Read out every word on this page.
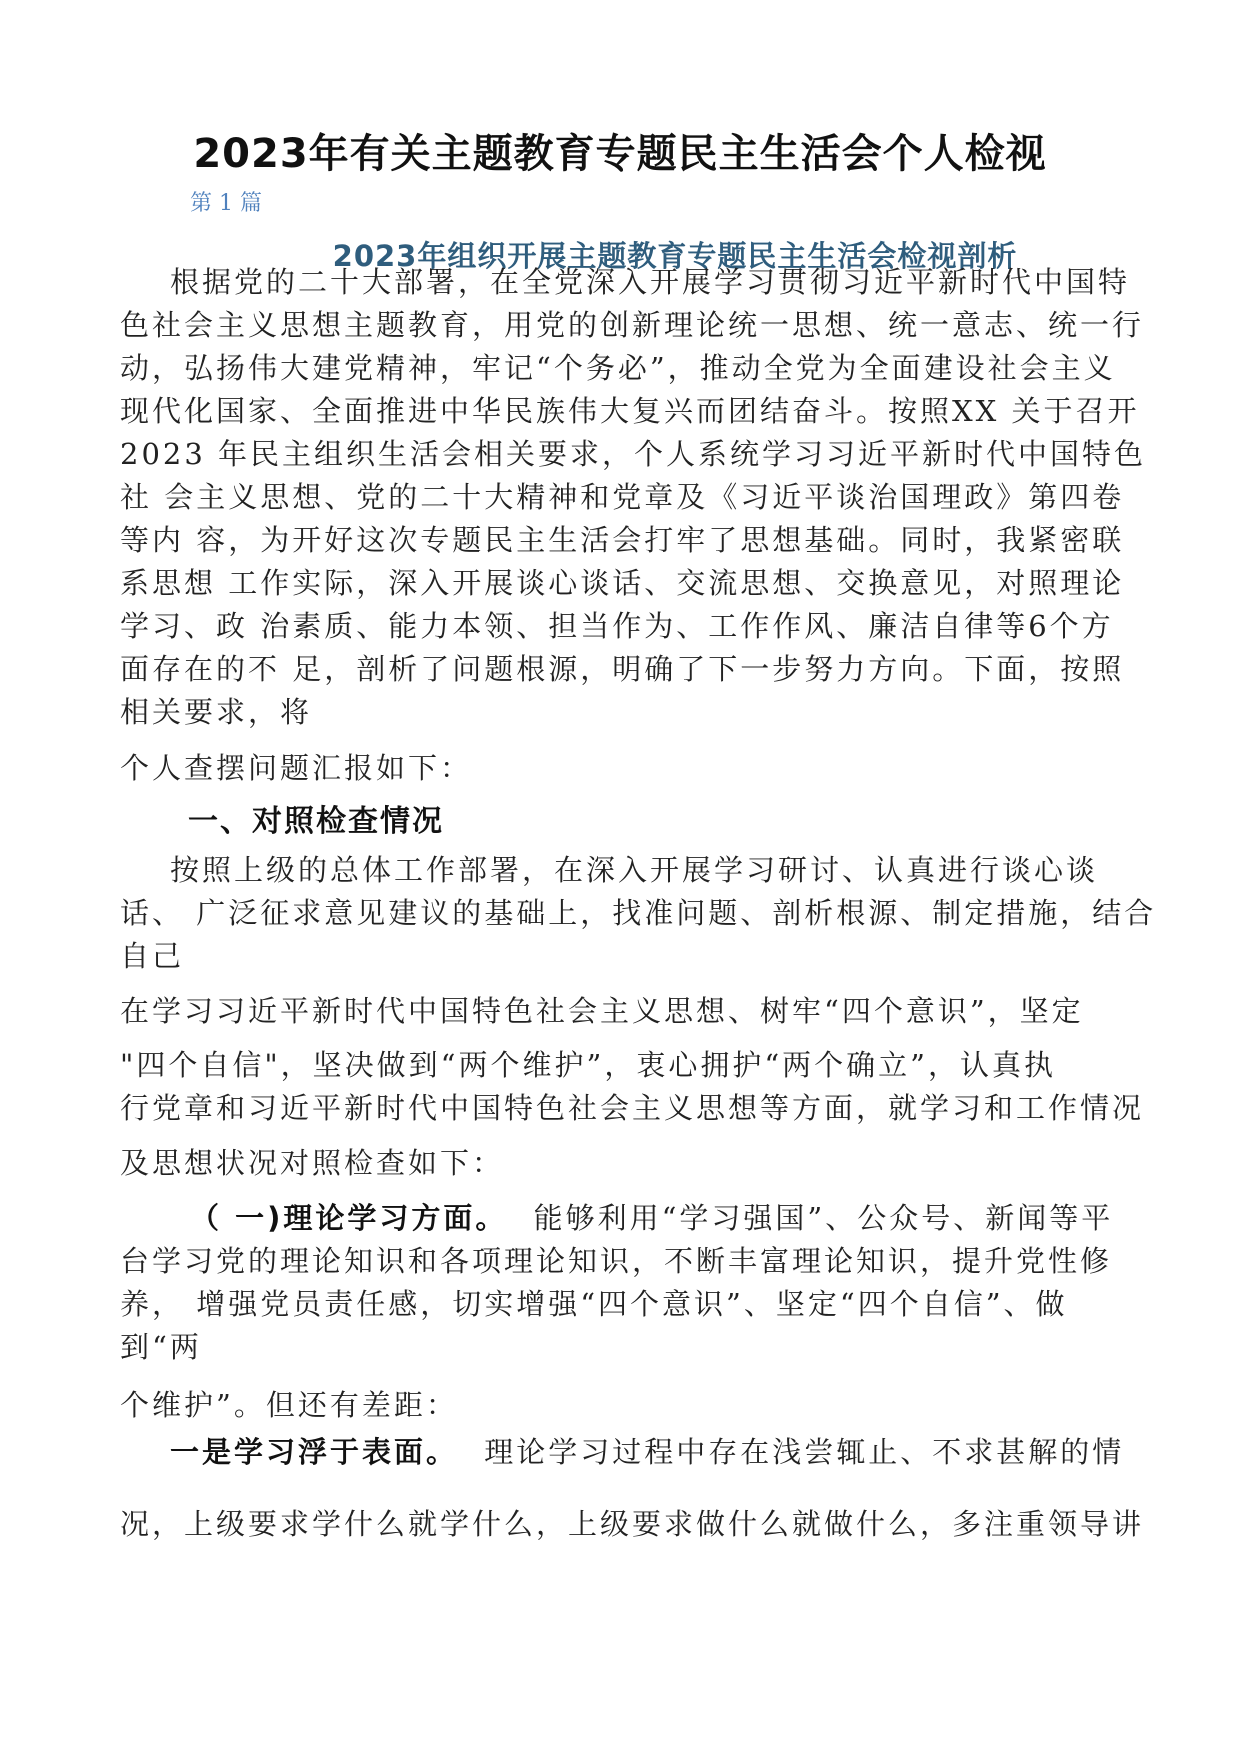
2023年有关主题教育专题民主生活会个人检视
第 1 篇
2023年组织开展主题教育专题民主生活会检视剖析
根据党的二十大部署，在全党深入开展学习贯彻习近平新时代中国特
色社会主义思想主题教育，用党的创新理论统一思想、统一意志、统一行
动，弘扬伟大建党精神，牢记“个务必”，推动全党为全面建设社会主义
现代化国家、全面推进中华民族伟大复兴而团结奋斗。按照XX 关于召开
2023 年民主组织生活会相关要求，个人系统学习习近平新时代中国特色
社 会主义思想、党的二十大精神和党章及《习近平谈治国理政》第四卷
等内 容，为开好这次专题民主生活会打牢了思想基础。同时，我紧密联
系思想 工作实际，深入开展谈心谈话、交流思想、交换意见，对照理论
学习、政 治素质、能力本领、担当作为、工作作风、廉洁自律等6个方
面存在的不 足，剖析了问题根源，明确了下一步努力方向。下面，按照
相关要求，将
个人查摆问题汇报如下：
一、对照检查情况
按照上级的总体工作部署，在深入开展学习研讨、认真进行谈心谈
话、 广泛征求意见建议的基础上，找准问题、剖析根源、制定措施，结合
自己
在学习习近平新时代中国特色社会主义思想、树牢“四个意识”，坚定
"四个自信"，坚决做到“两个维护”，衷心拥护“两个确立”，认真执
行党章和习近平新时代中国特色社会主义思想等方面，就学习和工作情况
及思想状况对照检查如下：
（ 一)理论学习方面。 能够利用“学习强国”、公众号、新闻等平
台学习党的理论知识和各项理论知识，不断丰富理论知识，提升党性修
养， 增强党员责任感，切实增强“四个意识”、坚定“四个自信”、做
到“两
个维护”。但还有差距：
一是学习浮于表面。 理论学习过程中存在浅尝辄止、不求甚解的情
况，上级要求学什么就学什么，上级要求做什么就做什么，多注重领导讲
